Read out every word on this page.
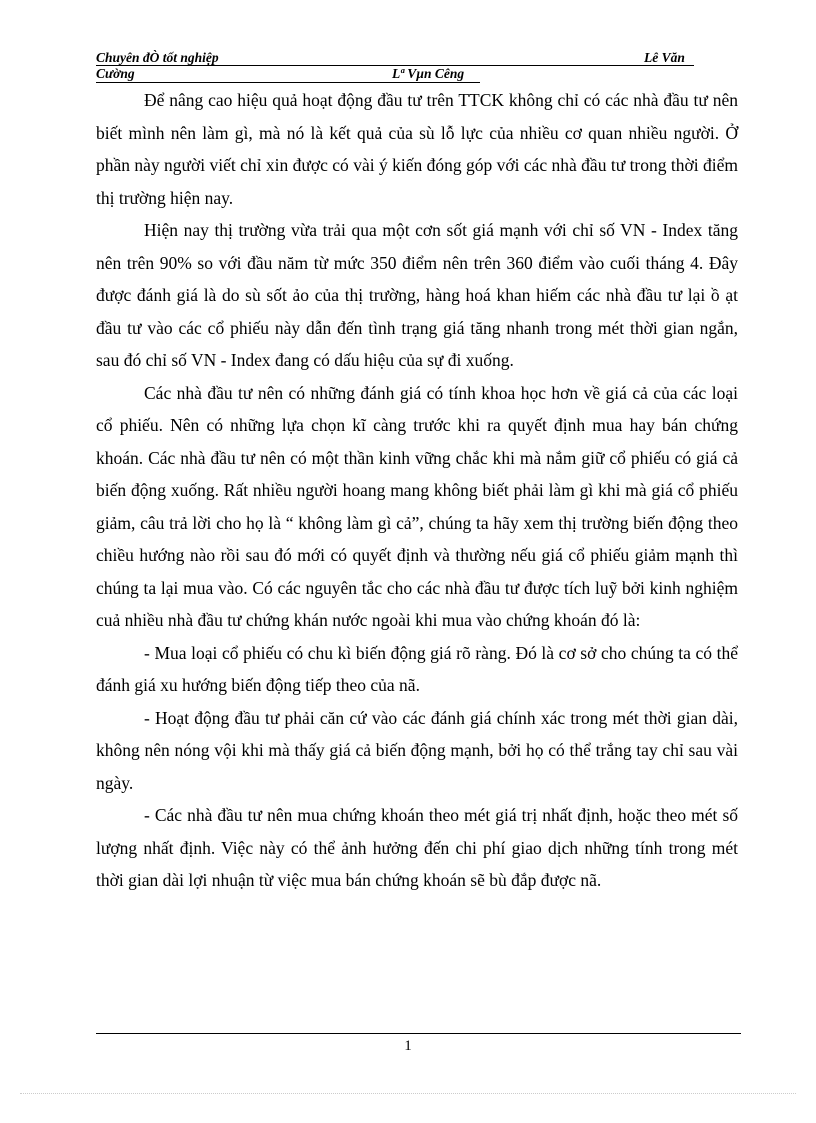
Chuyên đÒ tốt nghiệp	Lê Văn
Cường	Lª Vµn Cêng

Để nâng cao hiệu quả hoạt động đầu tư trên TTCK không chỉ có các nhà đầu tư nên biết mình nên làm gì, mà nó là kết quả của sù lỗ lực của nhiều cơ quan nhiều người. Ở phần này người viết chỉ xin được có vài ý kiến đóng góp với các nhà đầu tư trong thời điểm thị trường hiện nay.

Hiện nay thị trường vừa trải qua một cơn sốt giá mạnh với chỉ số VN - Index tăng nên trên 90% so với đầu năm từ mức 350 điểm nên trên 360 điểm vào cuối tháng 4. Đây được đánh giá là do sù sốt ảo của thị trường, hàng hoá khan hiếm các nhà đầu tư lại ồ ạt đầu tư vào các cổ phiếu này dẫn đến tình trạng giá tăng nhanh trong mét thời gian ngắn, sau đó chỉ số VN - Index đang có dấu hiệu của sự đi xuống.

Các nhà đầu tư nên có những đánh giá có tính khoa học hơn về giá cả của các loại cổ phiếu. Nên có những lựa chọn kĩ càng trước khi ra quyết định mua hay bán chứng khoán. Các nhà đầu tư nên có một thần kinh vững chắc khi mà nắm giữ cổ phiếu có giá cả biến động xuống. Rất nhiều người hoang mang không biết phải làm gì khi mà giá cổ phiếu giảm, câu trả lời cho họ là “ không làm gì cả”, chúng ta hãy xem thị trường biến động theo chiều hướng nào rồi sau đó mới có quyết định và thường nếu giá cổ phiếu giảm mạnh thì chúng ta lại mua vào. Có các nguyên tắc cho các nhà đầu tư được tích luỹ bởi kinh nghiệm cuả nhiều nhà đầu tư chứng khán nước ngoài khi mua vào chứng khoán đó là:

- Mua loại cổ phiếu có chu kì biến động giá rõ ràng. Đó là cơ sở cho chúng ta có thể đánh giá xu hướng biến động tiếp theo của nã.

- Hoạt động đầu tư phải căn cứ vào các đánh giá chính xác trong mét thời gian dài, không nên nóng vội khi mà thấy giá cả biến động mạnh, bởi họ có thể trắng tay chỉ sau vài ngày.

- Các nhà đầu tư nên mua chứng khoán theo mét giá trị nhất định, hoặc theo mét số lượng nhất định. Việc này có thể ảnh hưởng đến chi phí giao dịch những tính trong mét thời gian dài lợi nhuận từ việc mua bán chứng khoán sẽ bù đắp được nã.

1
